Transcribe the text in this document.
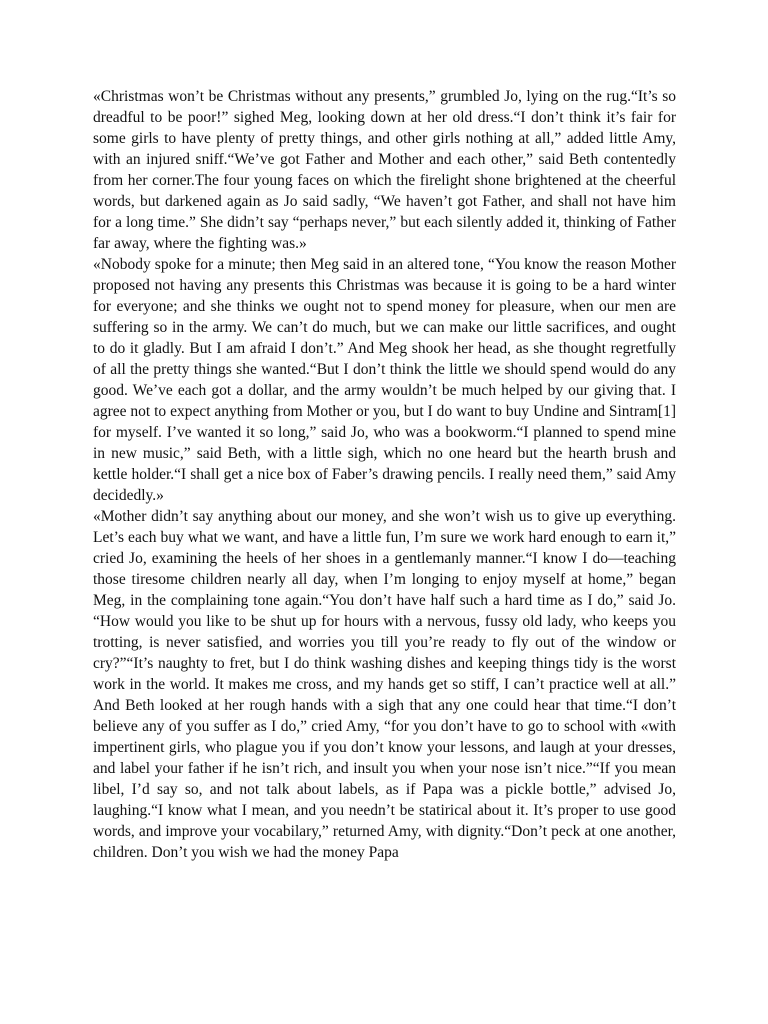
«Christmas won’t be Christmas without any presents,” grumbled Jo, lying on the rug.“It’s so dreadful to be poor!” sighed Meg, looking down at her old dress.“I don’t think it’s fair for some girls to have plenty of pretty things, and other girls nothing at all,” added little Amy, with an injured sniff.“We’ve got Father and Mother and each other,” said Beth contentedly from her corner.The four young faces on which the firelight shone brightened at the cheerful words, but darkened again as Jo said sadly, “We haven’t got Father, and shall not have him for a long time.” She didn’t say “perhaps never,” but each silently added it, thinking of Father far away, where the fighting was.»

«Nobody spoke for a minute; then Meg said in an altered tone, “You know the reason Mother proposed not having any presents this Christmas was because it is going to be a hard winter for everyone; and she thinks we ought not to spend money for pleasure, when our men are suffering so in the army. We can’t do much, but we can make our little sacrifices, and ought to do it gladly. But I am afraid I don’t.” And Meg shook her head, as she thought regretfully of all the pretty things she wanted.“But I don’t think the little we should spend would do any good. We’ve each got a dollar, and the army wouldn’t be much helped by our giving that. I agree not to expect anything from Mother or you, but I do want to buy Undine and Sintram[1] for myself. I’ve wanted it so long,” said Jo, who was a bookworm.“I planned to spend mine in new music,” said Beth, with a little sigh, which no one heard but the hearth brush and kettle holder.“I shall get a nice box of Faber’s drawing pencils. I really need them,” said Amy decidedly.»

«Mother didn’t say anything about our money, and she won’t wish us to give up everything. Let’s each buy what we want, and have a little fun, I’m sure we work hard enough to earn it,” cried Jo, examining the heels of her shoes in a gentlemanly manner.“I know I do—teaching those tiresome children nearly all day, when I’m longing to enjoy myself at home,” began Meg, in the complaining tone again.“You don’t have half such a hard time as I do,” said Jo. “How would you like to be shut up for hours with a nervous, fussy old lady, who keeps you trotting, is never satisfied, and worries you till you’re ready to fly out of the window or cry?”“It’s naughty to fret, but I do think washing dishes and keeping things tidy is the worst work in the world. It makes me cross, and my hands get so stiff, I can’t practice well at all.” And Beth looked at her rough hands with a sigh that any one could hear that time.“I don’t believe any of you suffer as I do,” cried Amy, “for you don’t have to go to school with «with impertinent girls, who plague you if you don’t know your lessons, and laugh at your dresses, and label your father if he isn’t rich, and insult you when your nose isn’t nice.”“If you mean libel, I’d say so, and not talk about labels, as if Papa was a pickle bottle,” advised Jo, laughing.“I know what I mean, and you needn’t be statirical about it. It’s proper to use good words, and improve your vocabilary,” returned Amy, with dignity.“Don’t peck at one another, children. Don’t you wish we had the money Papa
